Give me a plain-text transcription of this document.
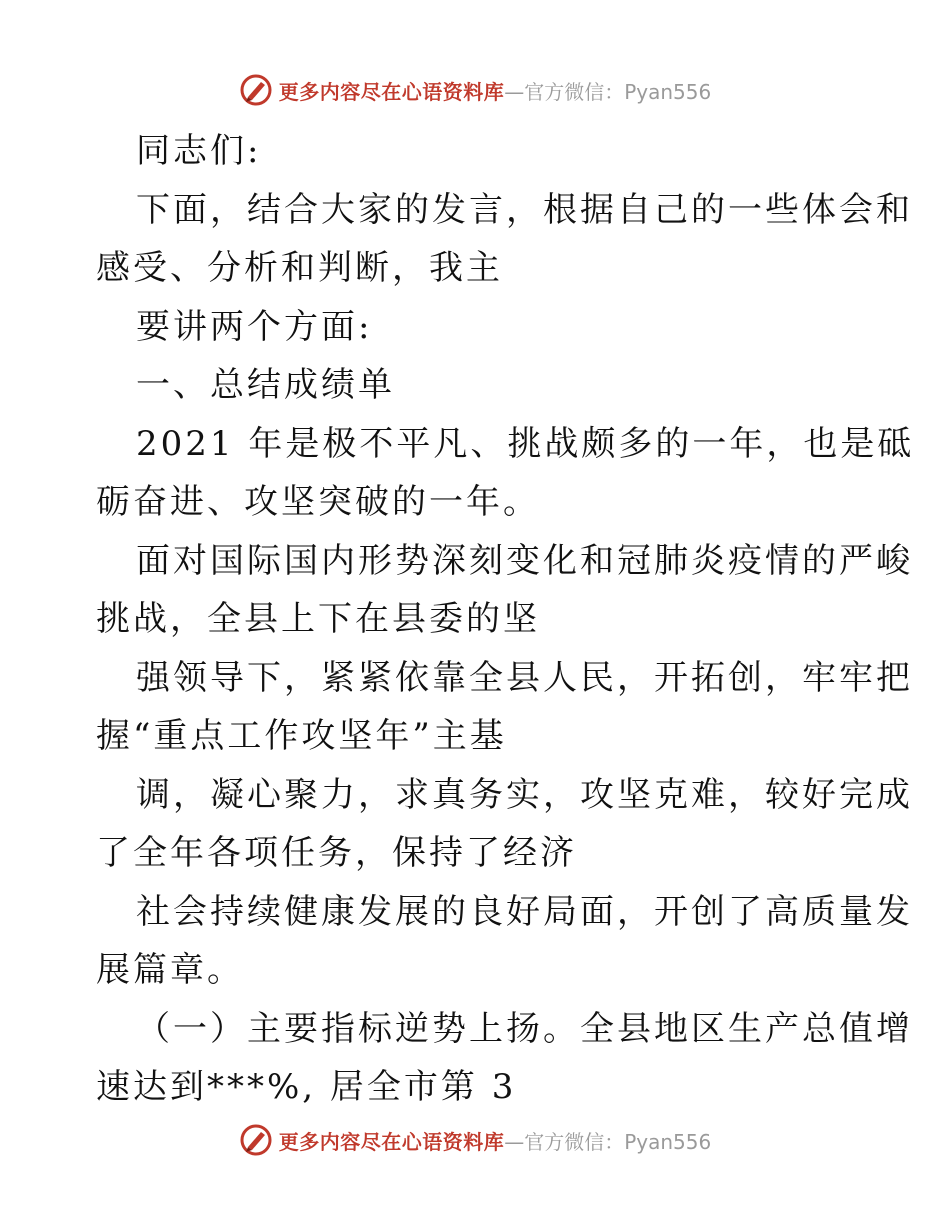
更多内容尽在心语资料库 —官方微信：Pyan556
同志们:
下面，结合大家的发言，根据自己的一些体会和
感受、分析和判断，我主
要讲两个方面:
一、总结成绩单
2021 年是极不平凡、挑战颇多的一年，也是砥
砺奋进、攻坚突破的一年。
面对国际国内形势深刻变化和冠肺炎疫情的严峻
挑战，全县上下在县委的坚
强领导下，紧紧依靠全县人民，开拓创，牢牢把
握“重点工作攻坚年”主基
调，凝心聚力，求真务实，攻坚克难，较好完成
了全年各项任务，保持了经济
社会持续健康发展的良好局面，开创了高质量发
展篇章。
（一）主要指标逆势上扬。全县地区生产总值增
速达到***%, 居全市第 3
更多内容尽在心语资料库 —官方微信：Pyan556
